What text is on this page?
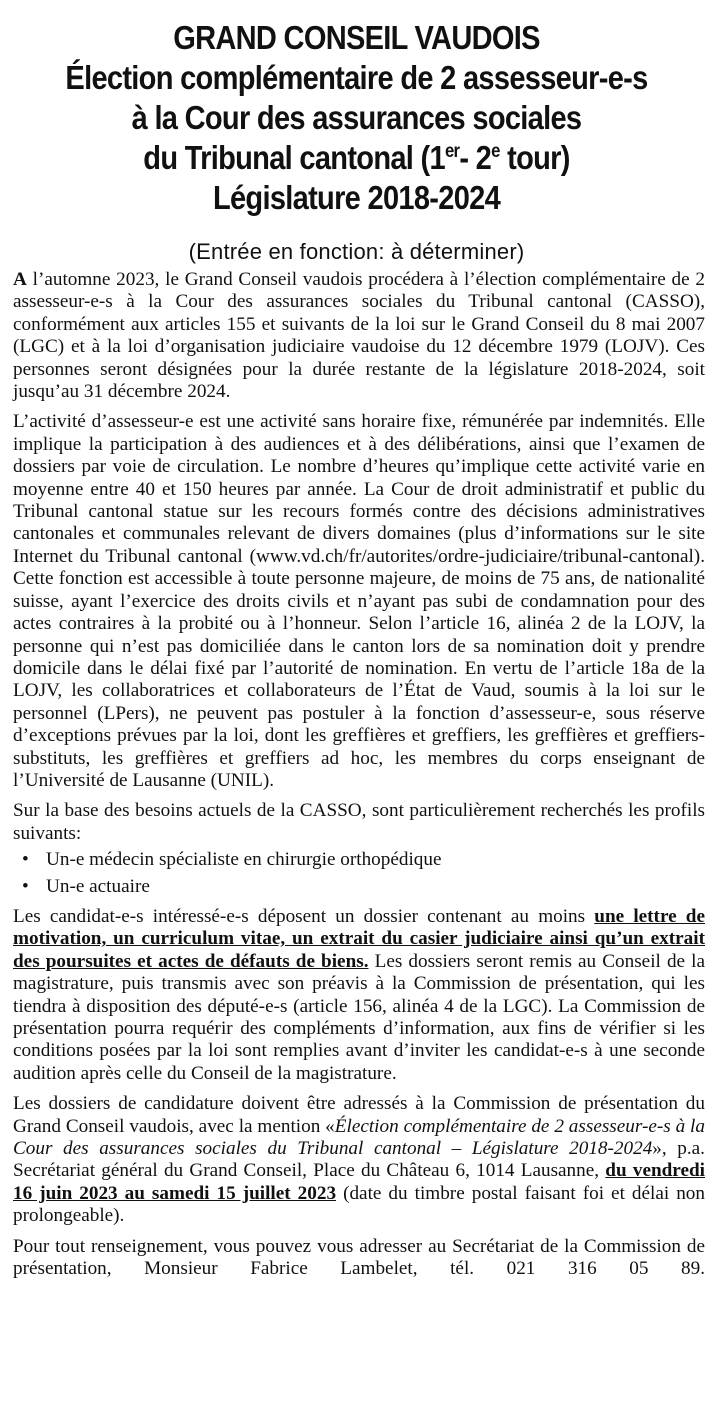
GRAND CONSEIL VAUDOIS
Élection complémentaire de 2 assesseur-e-s
à la Cour des assurances sociales
du Tribunal cantonal (1er- 2e tour)
Législature 2018-2024
(Entrée en fonction: à déterminer)

A l’automne 2023, le Grand Conseil vaudois procédera à l’élection complémentaire de 2 assesseur-e-s à la Cour des assurances sociales du Tribunal cantonal (CASSO), conformément aux articles 155 et suivants de la loi sur le Grand Conseil du 8 mai 2007 (LGC) et à la loi d’organisation judiciaire vaudoise du 12 décembre 1979 (LOJV). Ces personnes seront désignées pour la durée restante de la législature 2018-2024, soit jusqu’au 31 décembre 2024.

L’activité d’assesseur-e est une activité sans horaire fixe, rémunérée par indemnités. Elle implique la participation à des audiences et à des délibérations, ainsi que l’examen de dossiers par voie de circulation. Le nombre d’heures qu’implique cette activité varie en moyenne entre 40 et 150 heures par année. La Cour de droit administratif et public du Tribunal cantonal statue sur les recours formés contre des décisions administratives cantonales et communales relevant de divers domaines (plus d’informations sur le site Internet du Tribunal cantonal (www.vd.ch/fr/autorites/ordre-judiciaire/tribunal-cantonal). Cette fonction est accessible à toute personne majeure, de moins de 75 ans, de nationalité suisse, ayant l’exercice des droits civils et n’ayant pas subi de condamnation pour des actes contraires à la probité ou à l’honneur. Selon l’article 16, alinéa 2 de la LOJV, la personne qui n’est pas domiciliée dans le canton lors de sa nomination doit y prendre domicile dans le délai fixé par l’autorité de nomination. En vertu de l’article 18a de la LOJV, les collaboratrices et collaborateurs de l’État de Vaud, soumis à la loi sur le personnel (LPers), ne peuvent pas postuler à la fonction d’assesseur-e, sous réserve d’exceptions prévues par la loi, dont les greffières et greffiers, les greffières et greffiers-substituts, les greffières et greffiers ad hoc, les membres du corps enseignant de l’Université de Lausanne (UNIL).

Sur la base des besoins actuels de la CASSO, sont particulièrement recherchés les profils suivants:

• Un-e médecin spécialiste en chirurgie orthopédique
• Un-e actuaire

Les candidat-e-s intéressé-e-s déposent un dossier contenant au moins une lettre de motivation, un curriculum vitae, un extrait du casier judiciaire ainsi qu’un extrait des poursuites et actes de défauts de biens. Les dossiers seront remis au Conseil de la magistrature, puis transmis avec son préavis à la Commission de présentation, qui les tiendra à disposition des député-e-s (article 156, alinéa 4 de la LGC). La Commission de présentation pourra requérir des compléments d’information, aux fins de vérifier si les conditions posées par la loi sont remplies avant d’inviter les candidat-e-s à une seconde audition après celle du Conseil de la magistrature.

Les dossiers de candidature doivent être adressés à la Commission de présentation du Grand Conseil vaudois, avec la mention «Élection complémentaire de 2 assesseur-e-s à la Cour des assurances sociales du Tribunal cantonal – Législature 2018-2024», p.a. Secrétariat général du Grand Conseil, Place du Château 6, 1014 Lausanne, du vendredi 16 juin 2023 au samedi 15 juillet 2023 (date du timbre postal faisant foi et délai non prolongeable).

Pour tout renseignement, vous pouvez vous adresser au Secrétariat de la Commission de présentation, Monsieur Fabrice Lambelet, tél. 021 316 05 89.
